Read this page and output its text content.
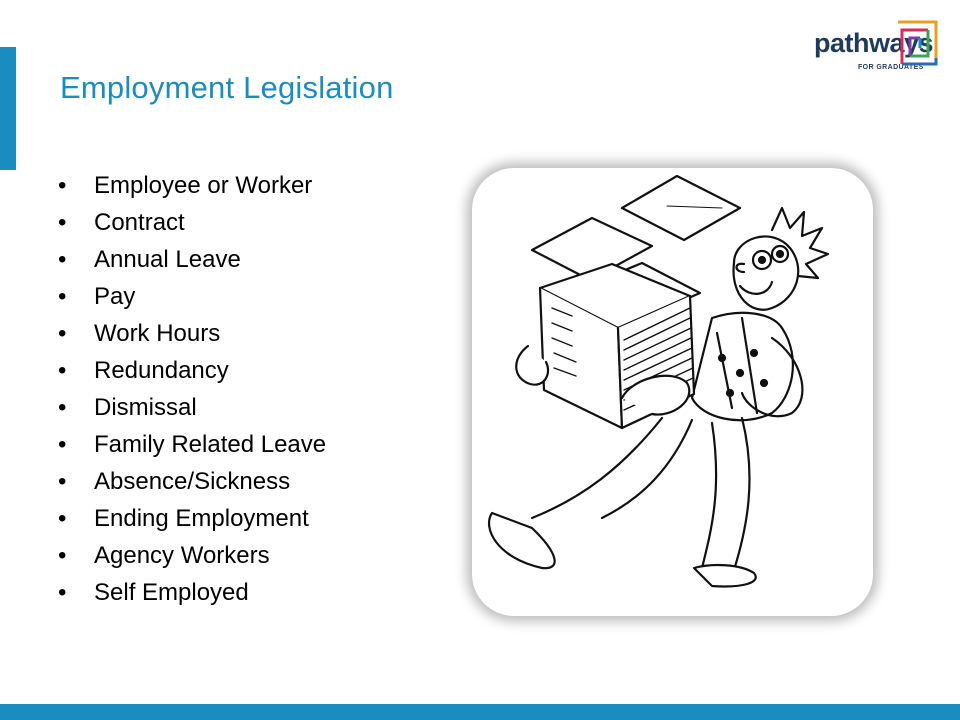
Employment Legislation
pathways
FOR GRADUATES
• Employee or Worker
• Contract
• Annual Leave
• Pay
• Work Hours
• Redundancy
• Dismissal
• Family Related Leave
• Absence/Sickness
• Ending Employment
• Agency Workers
• Self Employed
